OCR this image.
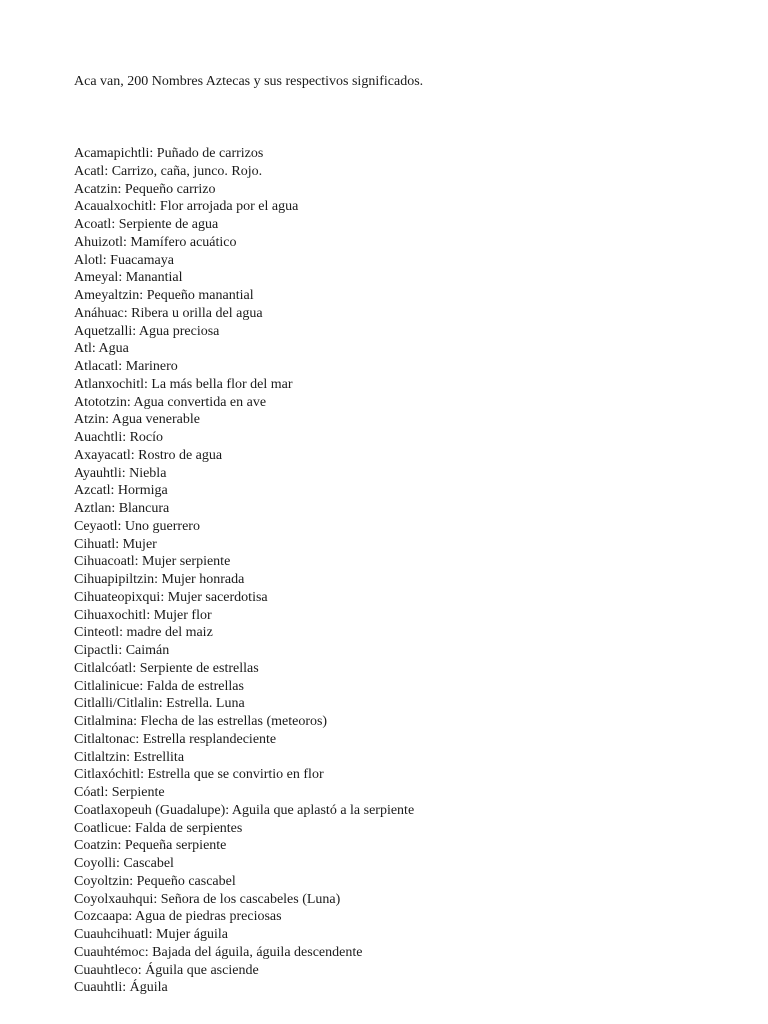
Aca van, 200 Nombres Aztecas y sus respectivos significados.
Acamapichtli: Puñado de carrizos
Acatl: Carrizo, caña, junco. Rojo.
Acatzin: Pequeño carrizo
Acaualxochitl: Flor arrojada por el agua
Acoatl: Serpiente de agua
Ahuizotl: Mamífero acuático
Alotl: Fuacamaya
Ameyal: Manantial
Ameyaltzin: Pequeño manantial
Anáhuac: Ribera u orilla del agua
Aquetzalli: Agua preciosa
Atl: Agua
Atlacatl: Marinero
Atlanxochitl: La más bella flor del mar
Atototzin: Agua convertida en ave
Atzin: Agua venerable
Auachtli: Rocío
Axayacatl: Rostro de agua
Ayauhtli: Niebla
Azcatl: Hormiga
Aztlan: Blancura
Ceyaotl: Uno guerrero
Cihuatl: Mujer
Cihuacoatl: Mujer serpiente
Cihuapipiltzin: Mujer honrada
Cihuateopixqui: Mujer sacerdotisa
Cihuaxochitl: Mujer flor
Cinteotl: madre del maiz
Cipactli: Caimán
Citlalcóatl: Serpiente de estrellas
Citlalinicue: Falda de estrellas
Citlalli/Citlalin: Estrella. Luna
Citlalmina: Flecha de las estrellas (meteoros)
Citlaltonac: Estrella resplandeciente
Citlaltzin: Estrellita
Citlaxóchitl: Estrella que se convirtio en flor
Cóatl: Serpiente
Coatlaxopeuh (Guadalupe): Aguila que aplastó a la serpiente
Coatlicue: Falda de serpientes
Coatzin: Pequeña serpiente
Coyolli: Cascabel
Coyoltzin: Pequeño cascabel
Coyolxauhqui: Señora de los cascabeles (Luna)
Cozcaapa: Agua de piedras preciosas
Cuauhcihuatl: Mujer águila
Cuauhtémoc: Bajada del águila, águila descendente
Cuauhtleco: Águila que asciende
Cuauhtli: Águila
